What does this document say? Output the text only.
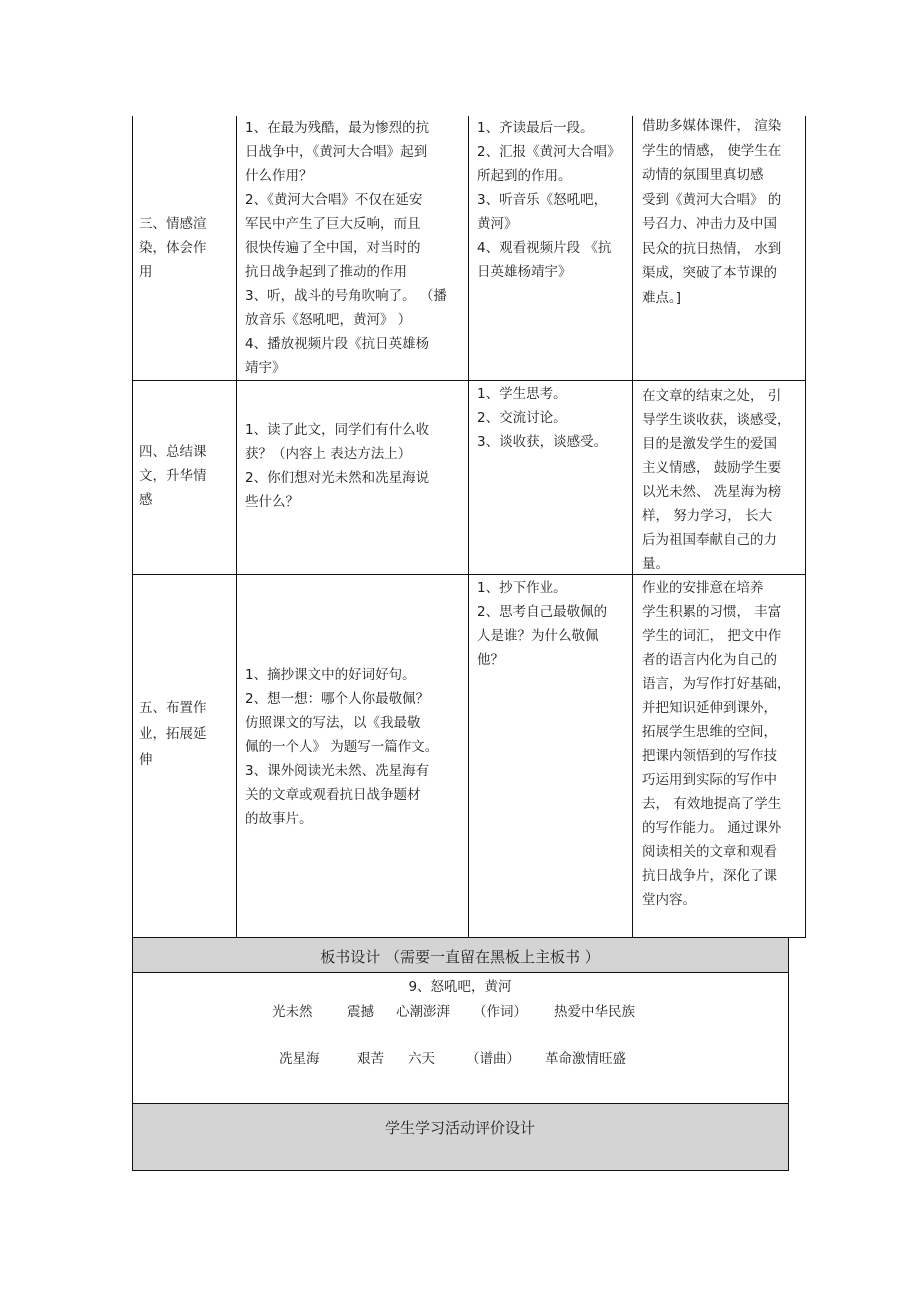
三、情感渲
染，体会作
用
1、在最为残酷，最为惨烈的抗
日战争中，《黄河大合唱》起到
什么作用？
2、《黄河大合唱》不仅在延安
军民中产生了巨大反响，而且
很快传遍了全中国，对当时的
抗日战争起到了推动的作用
3、听，战斗的号角吹响了。 （播
放音乐《怒吼吧，黄河》 ）
4、播放视频片段《抗日英雄杨
靖宇》
1、齐读最后一段。
2、汇报《黄河大合唱》
所起到的作用。
3、听音乐《怒吼吧，
黄河》
4、观看视频片段 《抗
日英雄杨靖宇》
借助多媒体课件， 渲染
学生的情感， 使学生在
动情的氛围里真切感
受到《黄河大合唱》 的
号召力、冲击力及中国
民众的抗日热情， 水到
渠成，突破了本节课的
难点。]
四、总结课
文，升华情
感
1、读了此文，同学们有什么收
获？（内容上 表达方法上）
2、你们想对光未然和冼星海说
些什么？
1、学生思考。
2、交流讨论。
3、谈收获，谈感受。
在文章的结束之处， 引
导学生谈收获，谈感受，
目的是激发学生的爱国
主义情感， 鼓励学生要
以光未然、 冼星海为榜
样， 努力学习， 长大
后为祖国奉献自己的力
量。
五、布置作
业，拓展延
伸
1、摘抄课文中的好词好句。
2、想一想：哪个人你最敬佩？
仿照课文的写法，以《我最敬
佩的一个人》 为题写一篇作文。
3、课外阅读光未然、冼星海有
关的文章或观看抗日战争题材
的故事片。
1、抄下作业。
2、思考自己最敬佩的
人是谁？为什么敬佩
他？
作业的安排意在培养
学生积累的习惯， 丰富
学生的词汇， 把文中作
者的语言内化为自己的
语言，为写作打好基础，
并把知识延伸到课外，
拓展学生思维的空间，
把课内领悟到的写作技
巧运用到实际的写作中
去， 有效地提高了学生
的写作能力。 通过课外
阅读相关的文章和观看
抗日战争片，深化了课
堂内容。
板书设计 （需要一直留在黑板上主板书 ）
9、怒吼吧，黄河
光未然	震撼 心潮澎湃 （作词） 热爱中华民族
冼星海	艰苦 六天 （谱曲） 革命激情旺盛
学生学习活动评价设计
